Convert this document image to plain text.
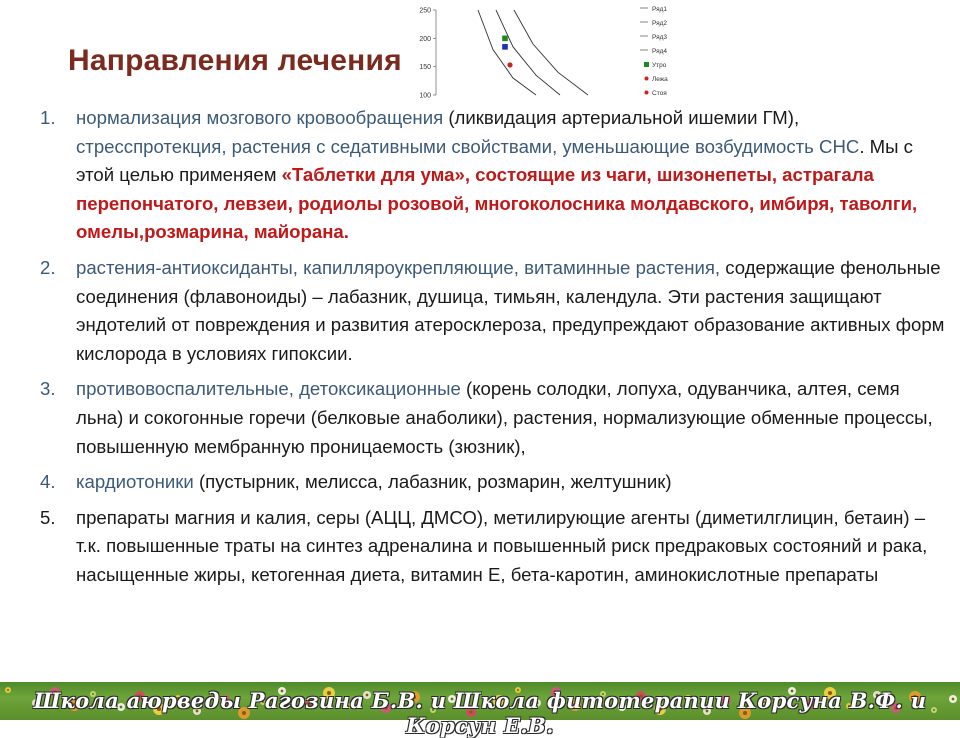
Направления лечения
250
200
150
100
Ряд1
Ряд2
Ряд3
Ряд4
Утро
Лежа
Стоя
1.	нормализация мозгового кровообращения (ликвидация артериальной ишемии ГМ), стресспротекция, растения с седативными свойствами, уменьшающие возбудимость СНС. Мы с этой целью применяем «Таблетки для ума», состоящие из чаги, шизонепеты, астрагала перепончатого, левзеи, родиолы розовой, многоколосника молдавского, имбиря, таволги, омелы,розмарина, майорана.
2.	растения-антиоксиданты, капилляроукрепляющие, витаминные растения, содержащие фенольные соединения (флавоноиды) – лабазник, душица, тимьян, календула. Эти растения защищают эндотелий от повреждения и развития атеросклероза, предупреждают образование активных форм кислорода в условиях гипоксии.
3.	противовоспалительные, детоксикационные (корень солодки, лопуха, одуванчика, алтея, семя льна) и сокогонные горечи (белковые анаболики), растения, нормализующие обменные процессы, повышенную мембранную проницаемость (зюзник),
4.	кардиотоники (пустырник, мелисса, лабазник, розмарин, желтушник)
5.	препараты магния и калия, серы (АЦЦ, ДМСО), метилирующие агенты (диметилглицин, бетаин) – т.к. повышенные траты на синтез адреналина и повышенный риск предраковых состояний и рака, насыщенные жиры, кетогенная диета, витамин Е, бета-каротин, аминокислотные препараты
Школа аюрведы Рагозина Б.В. и Школа фитотерапии Корсуна В.Ф. и Корсун Е.В.
